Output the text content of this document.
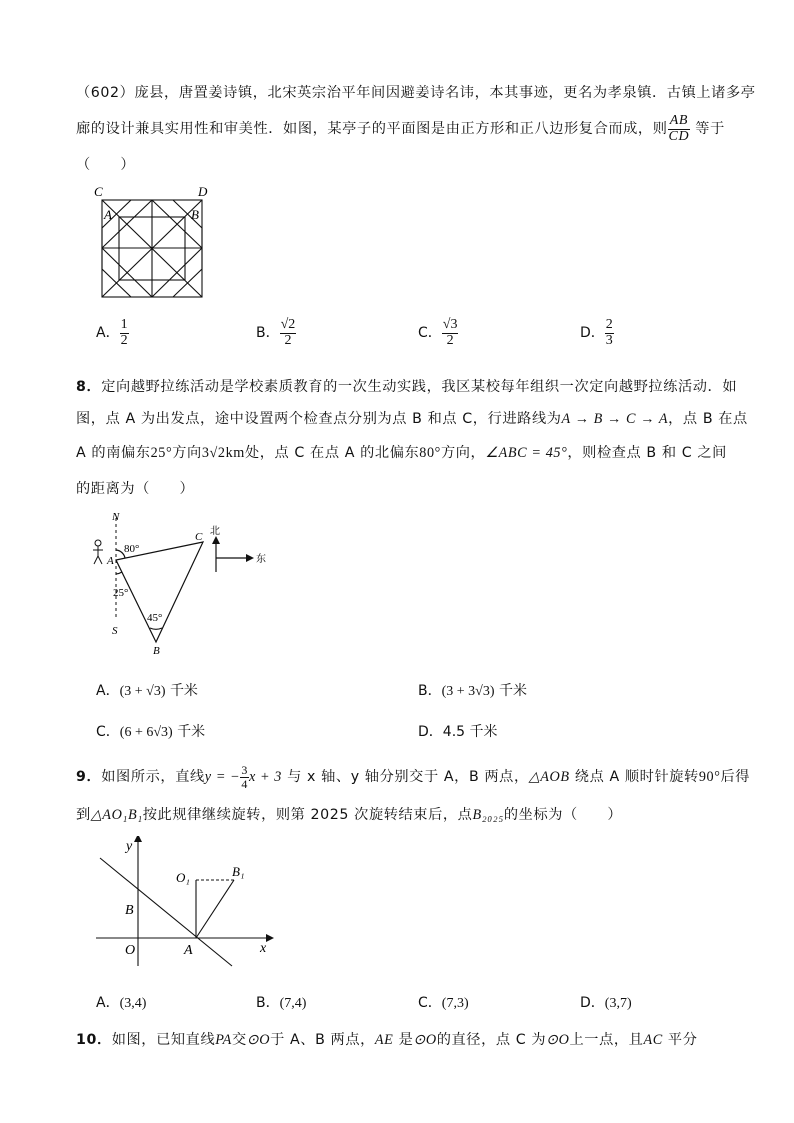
（602）庞县，唐置姜诗镇，北宋英宗治平年间因避姜诗名讳，本其事迹，更名为孝泉镇．古镇上诸多亭
廊的设计兼具实用性和审美性．如图，某亭子的平面图是由正方形和正八边形复合而成，则 $\frac{AB}{CD}$ 等于
（　　）
C	D
A	B
A． $\frac{1}{2}$	B． $\frac{√2}{2}$	C． $\frac{√3}{2}$	D． $\frac{2}{3}$
8．定向越野拉练活动是学校素质教育的一次生动实践，我区某校每年组织一次定向越野拉练活动．如
图，点 A 为出发点，途中设置两个检查点分别为点 B 和点 C，行进路线为A → B → C → A，点 B 在点
A 的南偏东25°方向3√2km处，点 C 在点 A 的北偏东80°方向，∠ABC = 45°，则检查点 B 和 C 之间
的距离为（　　）
N
S
A
C
B
80°
25°
45°
北
东
A．(3 + √3) 千米	B．(3 + 3√3) 千米
C．(6 + 6√3) 千米	D．4.5 千米
9．如图所示，直线y = − $\frac{3}{4}$ x + 3 与 x 轴、y 轴分别交于 A，B 两点，△AOB 绕点 A 顺时针旋转90°后得
到△AO₁B₁按此规律继续旋转，则第 2025 次旋转结束后，点B₂₀₂₅的坐标为（　　）
y
x
O₁	B₁
B
O	A
A．(3,4)	B．(7,4)	C．(7,3)	D．(3,7)
10．如图，已知直线PA交⊙O于 A、B 两点，AE 是⊙O的直径，点 C 为⊙O上一点，且AC 平分
